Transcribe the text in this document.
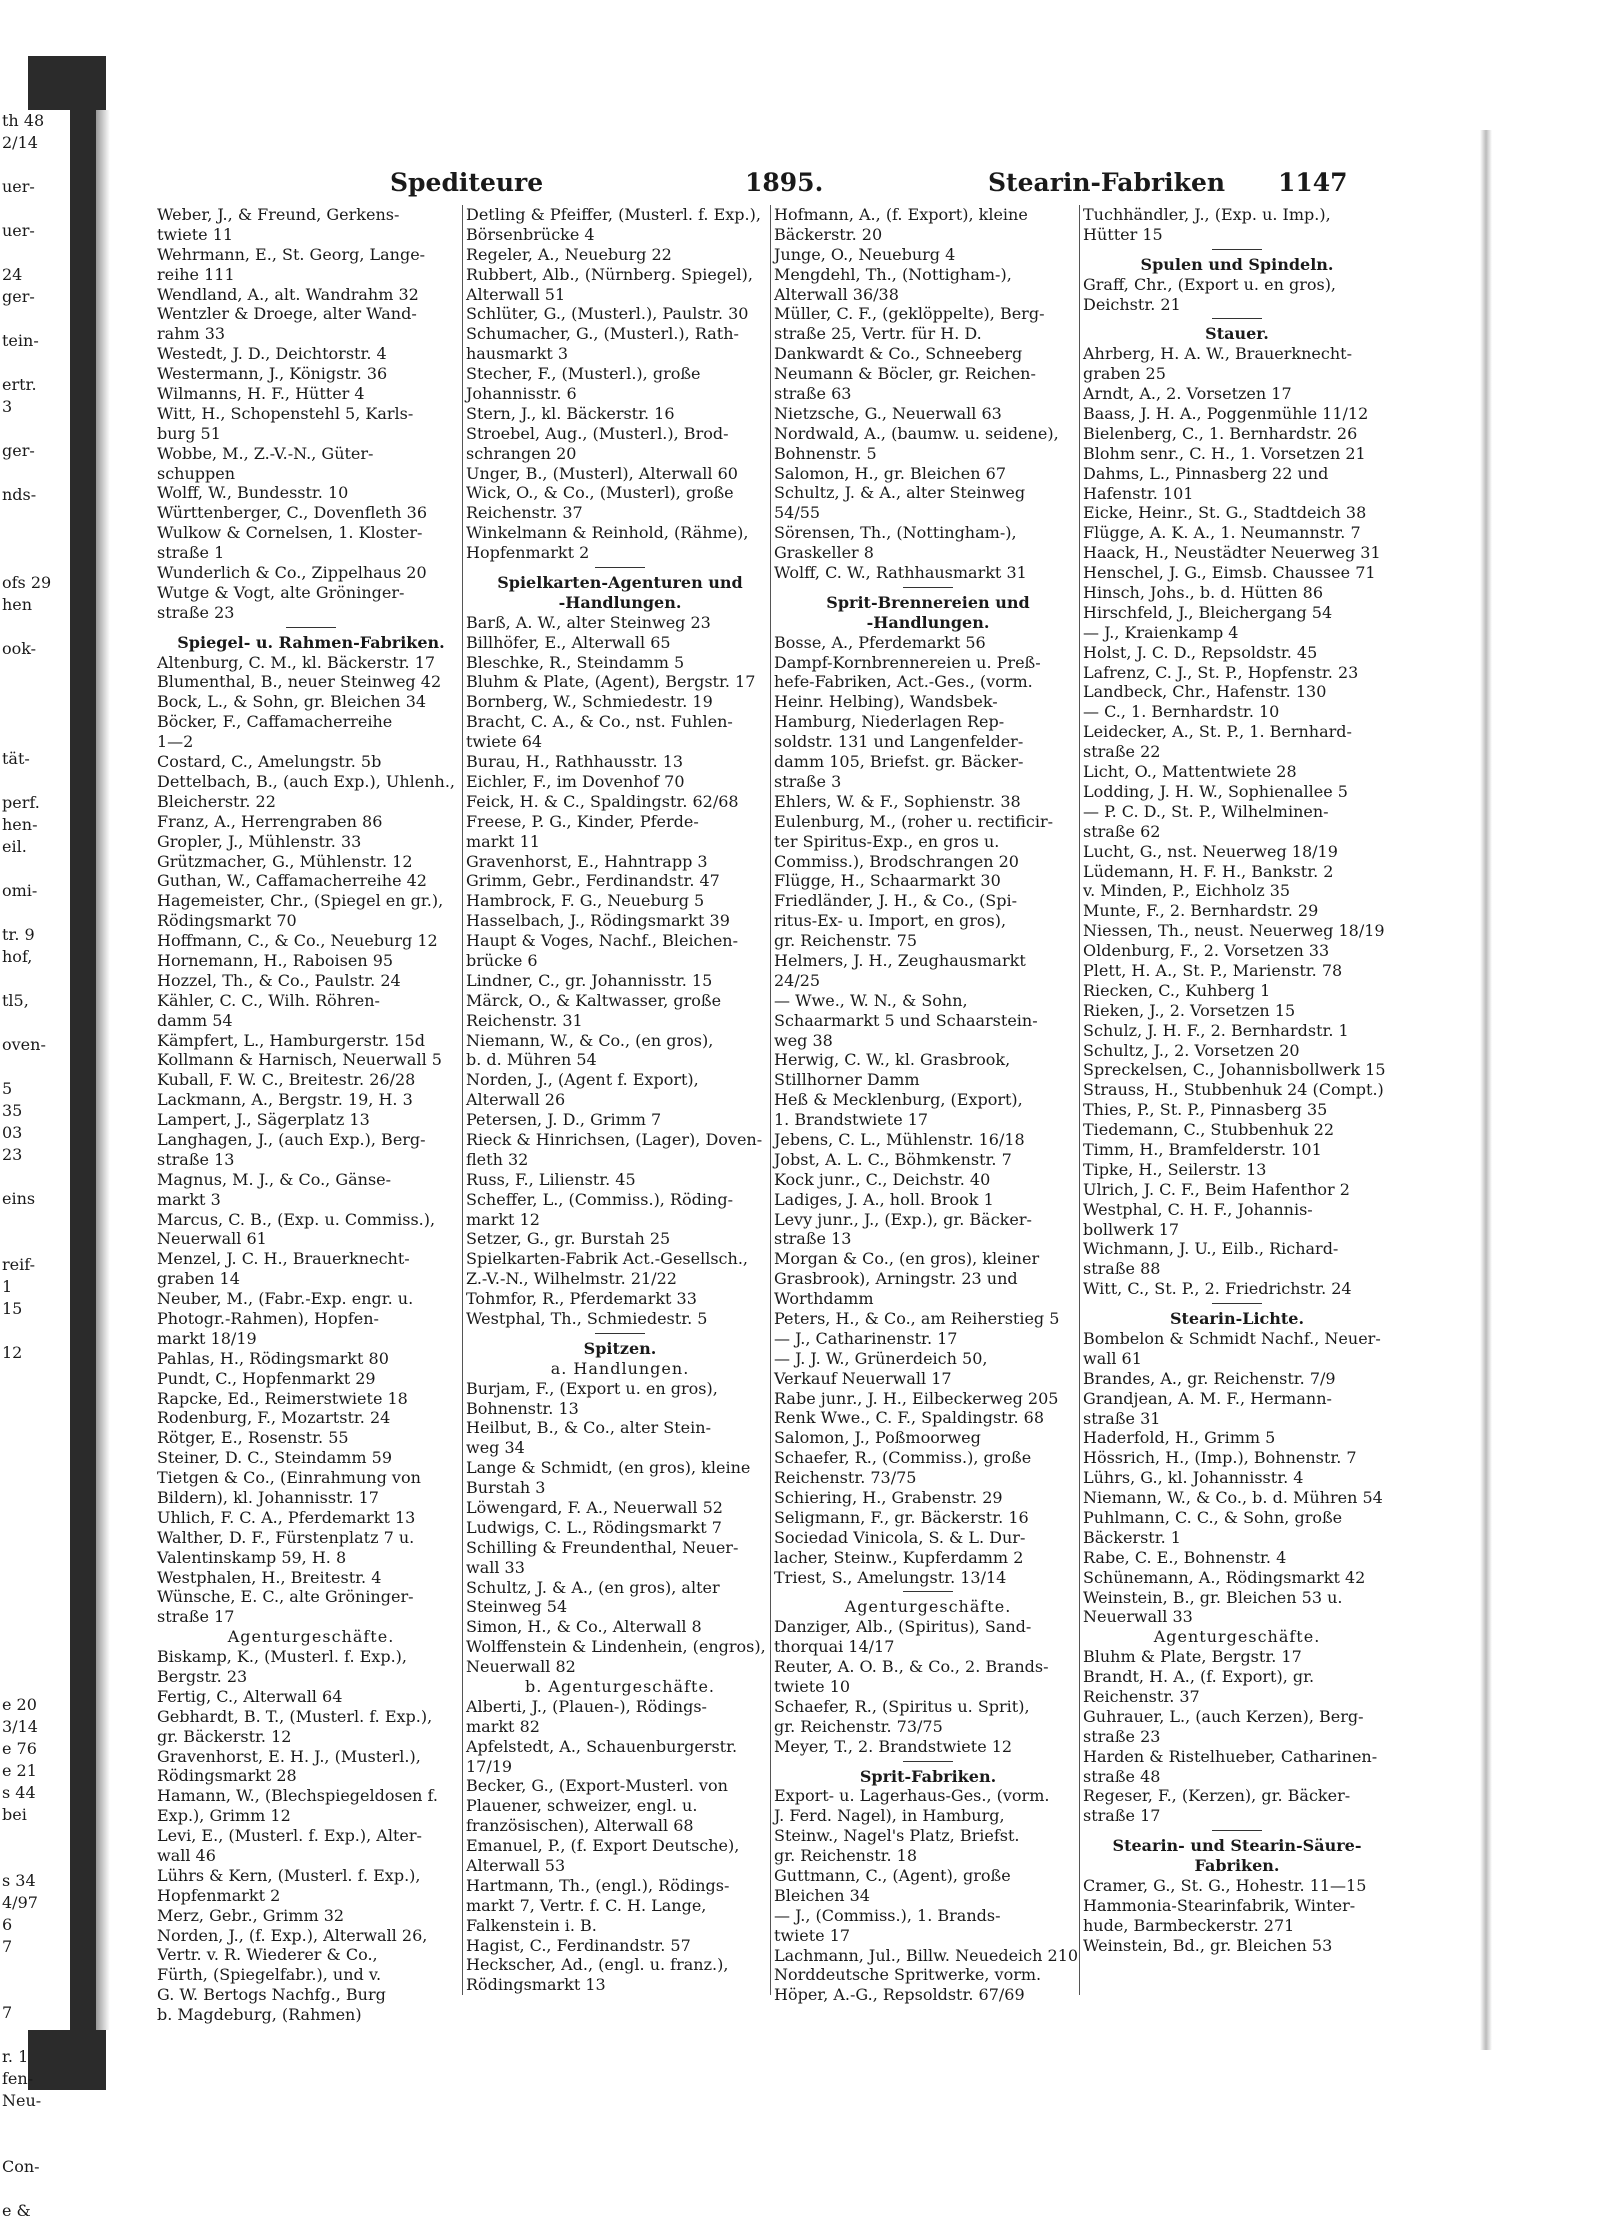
th 48
2/14
uer-
uer-
24
ger-
tein-
ertr.
3
ger-
nds-
ofs 29
hen
ook-
tät-
perf.
hen-
eil.
omi-
tr. 9
hof,
tl5,
oven-
5
35
03
23
eins
reif-
1
15
12
e 20
3/14
e 76
e 21
s 44
bei
s 34
4/97
6
7
7
r. 1
fen-
Neu-
Con-
e &
Spediteure	1895.	Stearin-Fabriken 1147
Weber, J., & Freund, Gerkens-
twiete 11
Wehrmann, E., St. Georg, Lange-
reihe 111
Wendland, A., alt. Wandrahm 32
Wentzler & Droege, alter Wand-
rahm 33
Westedt, J. D., Deichtorstr. 4
Westermann, J., Königstr. 36
Wilmanns, H. F., Hütter 4
Witt, H., Schopenstehl 5, Karls-
burg 51
Wobbe, M., Z.-V.-N., Güter-
schuppen
Wolff, W., Bundesstr. 10
Württenberger, C., Dovenfleth 36
Wulkow & Cornelsen, 1. Kloster-
straße 1
Wunderlich & Co., Zippelhaus 20
Wutge & Vogt, alte Gröninger-
straße 23
Spiegel- u. Rahmen-Fabriken.
Altenburg, C. M., kl. Bäckerstr. 17
Blumenthal, B., neuer Steinweg 42
Bock, L., & Sohn, gr. Bleichen 34
Böcker, F., Caffamacherreihe
1—2
Costard, C., Amelungstr. 5b
Dettelbach, B., (auch Exp.), Uhlenh.,
Bleicherstr. 22
Franz, A., Herrengraben 86
Gropler, J., Mühlenstr. 33
Grützmacher, G., Mühlenstr. 12
Guthan, W., Caffamacherreihe 42
Hagemeister, Chr., (Spiegel en gr.),
Rödingsmarkt 70
Hoffmann, C., & Co., Neueburg 12
Hornemann, H., Raboisen 95
Hozzel, Th., & Co., Paulstr. 24
Kähler, C. C., Wilh. Röhren-
damm 54
Kämpfert, L., Hamburgerstr. 15d
Kollmann & Harnisch, Neuerwall 5
Kuball, F. W. C., Breitestr. 26/28
Lackmann, A., Bergstr. 19, H. 3
Lampert, J., Sägerplatz 13
Langhagen, J., (auch Exp.), Berg-
straße 13
Magnus, M. J., & Co., Gänse-
markt 3
Marcus, C. B., (Exp. u. Commiss.),
Neuerwall 61
Menzel, J. C. H., Brauerknecht-
graben 14
Neuber, M., (Fabr.-Exp. engr. u.
Photogr.-Rahmen), Hopfen-
markt 18/19
Pahlas, H., Rödingsmarkt 80
Pundt, C., Hopfenmarkt 29
Rapcke, Ed., Reimerstwiete 18
Rodenburg, F., Mozartstr. 24
Rötger, E., Rosenstr. 55
Steiner, D. C., Steindamm 59
Tietgen & Co., (Einrahmung von
Bildern), kl. Johannisstr. 17
Uhlich, F. C. A., Pferdemarkt 13
Walther, D. F., Fürstenplatz 7 u.
Valentinskamp 59, H. 8
Westphalen, H., Breitestr. 4
Wünsche, E. C., alte Gröninger-
straße 17
Agenturgeschäfte.
Biskamp, K., (Musterl. f. Exp.),
Bergstr. 23
Fertig, C., Alterwall 64
Gebhardt, B. T., (Musterl. f. Exp.),
gr. Bäckerstr. 12
Gravenhorst, E. H. J., (Musterl.),
Rödingsmarkt 28
Hamann, W., (Blechspiegeldosen f.
Exp.), Grimm 12
Levi, E., (Musterl. f. Exp.), Alter-
wall 46
Lührs & Kern, (Musterl. f. Exp.),
Hopfenmarkt 2
Merz, Gebr., Grimm 32
Norden, J., (f. Exp.), Alterwall 26,
Vertr. v. R. Wiederer & Co.,
Fürth, (Spiegelfabr.), und v.
G. W. Bertogs Nachfg., Burg
b. Magdeburg, (Rahmen)
Detling & Pfeiffer, (Musterl. f. Exp.),
Börsenbrücke 4
Regeler, A., Neueburg 22
Rubbert, Alb., (Nürnberg. Spiegel),
Alterwall 51
Schlüter, G., (Musterl.), Paulstr. 30
Schumacher, G., (Musterl.), Rath-
hausmarkt 3
Stecher, F., (Musterl.), große
Johannisstr. 6
Stern, J., kl. Bäckerstr. 16
Stroebel, Aug., (Musterl.), Brod-
schrangen 20
Unger, B., (Musterl), Alterwall 60
Wick, O., & Co., (Musterl), große
Reichenstr. 37
Winkelmann & Reinhold, (Rähme),
Hopfenmarkt 2
Spielkarten-Agenturen und
-Handlungen.
Barß, A. W., alter Steinweg 23
Billhöfer, E., Alterwall 65
Bleschke, R., Steindamm 5
Bluhm & Plate, (Agent), Bergstr. 17
Bornberg, W., Schmiedestr. 19
Bracht, C. A., & Co., nst. Fuhlen-
twiete 64
Burau, H., Rathhausstr. 13
Eichler, F., im Dovenhof 70
Feick, H. & C., Spaldingstr. 62/68
Freese, P. G., Kinder, Pferde-
markt 11
Gravenhorst, E., Hahntrapp 3
Grimm, Gebr., Ferdinandstr. 47
Hambrock, F. G., Neueburg 5
Hasselbach, J., Rödingsmarkt 39
Haupt & Voges, Nachf., Bleichen-
brücke 6
Lindner, C., gr. Johannisstr. 15
Märck, O., & Kaltwasser, große
Reichenstr. 31
Niemann, W., & Co., (en gros),
b. d. Mühren 54
Norden, J., (Agent f. Export),
Alterwall 26
Petersen, J. D., Grimm 7
Rieck & Hinrichsen, (Lager), Doven-
fleth 32
Russ, F., Lilienstr. 45
Scheffer, L., (Commiss.), Röding-
markt 12
Setzer, G., gr. Burstah 25
Spielkarten-Fabrik Act.-Gesellsch.,
Z.-V.-N., Wilhelmstr. 21/22
Tohmfor, R., Pferdemarkt 33
Westphal, Th., Schmiedestr. 5
Spitzen.
a. Handlungen.
Burjam, F., (Export u. en gros),
Bohnenstr. 13
Heilbut, B., & Co., alter Stein-
weg 34
Lange & Schmidt, (en gros), kleine
Burstah 3
Löwengard, F. A., Neuerwall 52
Ludwigs, C. L., Rödingsmarkt 7
Schilling & Freundenthal, Neuer-
wall 33
Schultz, J. & A., (en gros), alter
Steinweg 54
Simon, H., & Co., Alterwall 8
Wolffenstein & Lindenhein, (engros),
Neuerwall 82
b. Agenturgeschäfte.
Alberti, J., (Plauen-), Rödings-
markt 82
Apfelstedt, A., Schauenburgerstr.
17/19
Becker, G., (Export-Musterl. von
Plauener, schweizer, engl. u.
französischen), Alterwall 68
Emanuel, P., (f. Export Deutsche),
Alterwall 53
Hartmann, Th., (engl.), Rödings-
markt 7, Vertr. f. C. H. Lange,
Falkenstein i. B.
Hagist, C., Ferdinandstr. 57
Heckscher, Ad., (engl. u. franz.),
Rödingsmarkt 13
Hofmann, A., (f. Export), kleine
Bäckerstr. 20
Junge, O., Neueburg 4
Mengdehl, Th., (Nottigham-),
Alterwall 36/38
Müller, C. F., (geklöppelte), Berg-
straße 25, Vertr. für H. D.
Dankwardt & Co., Schneeberg
Neumann & Böcler, gr. Reichen-
straße 63
Nietzsche, G., Neuerwall 63
Nordwald, A., (baumw. u. seidene),
Bohnenstr. 5
Salomon, H., gr. Bleichen 67
Schultz, J. & A., alter Steinweg
54/55
Sörensen, Th., (Nottingham-),
Graskeller 8
Wolff, C. W., Rathhausmarkt 31
Sprit-Brennereien und
-Handlungen.
Bosse, A., Pferdemarkt 56
Dampf-Kornbrennereien u. Preß-
hefe-Fabriken, Act.-Ges., (vorm.
Heinr. Helbing), Wandsbek-
Hamburg, Niederlagen Rep-
soldstr. 131 und Langenfelder-
damm 105, Briefst. gr. Bäcker-
straße 3
Ehlers, W. & F., Sophienstr. 38
Eulenburg, M., (roher u. rectificir-
ter Spiritus-Exp., en gros u.
Commiss.), Brodschrangen 20
Flügge, H., Schaarmarkt 30
Friedländer, J. H., & Co., (Spi-
ritus-Ex- u. Import, en gros),
gr. Reichenstr. 75
Helmers, J. H., Zeughausmarkt
24/25
— Wwe., W. N., & Sohn,
Schaarmarkt 5 und Schaarstein-
weg 38
Herwig, C. W., kl. Grasbrook,
Stillhorner Damm
Heß & Mecklenburg, (Export),
1. Brandstwiete 17
Jebens, C. L., Mühlenstr. 16/18
Jobst, A. L. C., Böhmkenstr. 7
Kock junr., C., Deichstr. 40
Ladiges, J. A., holl. Brook 1
Levy junr., J., (Exp.), gr. Bäcker-
straße 13
Morgan & Co., (en gros), kleiner
Grasbrook), Arningstr. 23 und
Worthdamm
Peters, H., & Co., am Reiherstieg 5
— J., Catharinenstr. 17
— J. J. W., Grünerdeich 50,
Verkauf Neuerwall 17
Rabe junr., J. H., Eilbeckerweg 205
Renk Wwe., C. F., Spaldingstr. 68
Salomon, J., Poßmoorweg
Schaefer, R., (Commiss.), große
Reichenstr. 73/75
Schiering, H., Grabenstr. 29
Seligmann, F., gr. Bäckerstr. 16
Sociedad Vinicola, S. & L. Dur-
lacher, Steinw., Kupferdamm 2
Triest, S., Amelungstr. 13/14
Agenturgeschäfte.
Danziger, Alb., (Spiritus), Sand-
thorquai 14/17
Reuter, A. O. B., & Co., 2. Brands-
twiete 10
Schaefer, R., (Spiritus u. Sprit),
gr. Reichenstr. 73/75
Meyer, T., 2. Brandstwiete 12
Sprit-Fabriken.
Export- u. Lagerhaus-Ges., (vorm.
J. Ferd. Nagel), in Hamburg,
Steinw., Nagel's Platz, Briefst.
gr. Reichenstr. 18
Guttmann, C., (Agent), große
Bleichen 34
— J., (Commiss.), 1. Brands-
twiete 17
Lachmann, Jul., Billw. Neuedeich 210
Norddeutsche Spritwerke, vorm.
Höper, A.-G., Repsoldstr. 67/69
Tuchhändler, J., (Exp. u. Imp.),
Hütter 15
Spulen und Spindeln.
Graff, Chr., (Export u. en gros),
Deichstr. 21
Stauer.
Ahrberg, H. A. W., Brauerknecht-
graben 25
Arndt, A., 2. Vorsetzen 17
Baass, J. H. A., Poggenmühle 11/12
Bielenberg, C., 1. Bernhardstr. 26
Blohm senr., C. H., 1. Vorsetzen 21
Dahms, L., Pinnasberg 22 und
Hafenstr. 101
Eicke, Heinr., St. G., Stadtdeich 38
Flügge, A. K. A., 1. Neumannstr. 7
Haack, H., Neustädter Neuerweg 31
Henschel, J. G., Eimsb. Chaussee 71
Hinsch, Johs., b. d. Hütten 86
Hirschfeld, J., Bleichergang 54
— J., Kraienkamp 4
Holst, J. C. D., Repsoldstr. 45
Lafrenz, C. J., St. P., Hopfenstr. 23
Landbeck, Chr., Hafenstr. 130
— C., 1. Bernhardstr. 10
Leidecker, A., St. P., 1. Bernhard-
straße 22
Licht, O., Mattentwiete 28
Lodding, J. H. W., Sophienallee 5
— P. C. D., St. P., Wilhelminen-
straße 62
Lucht, G., nst. Neuerweg 18/19
Lüdemann, H. F. H., Bankstr. 2
v. Minden, P., Eichholz 35
Munte, F., 2. Bernhardstr. 29
Niessen, Th., neust. Neuerweg 18/19
Oldenburg, F., 2. Vorsetzen 33
Plett, H. A., St. P., Marienstr. 78
Riecken, C., Kuhberg 1
Rieken, J., 2. Vorsetzen 15
Schulz, J. H. F., 2. Bernhardstr. 1
Schultz, J., 2. Vorsetzen 20
Spreckelsen, C., Johannisbollwerk 15
Strauss, H., Stubbenhuk 24 (Compt.)
Thies, P., St. P., Pinnasberg 35
Tiedemann, C., Stubbenhuk 22
Timm, H., Bramfelderstr. 101
Tipke, H., Seilerstr. 13
Ulrich, J. C. F., Beim Hafenthor 2
Westphal, C. H. F., Johannis-
bollwerk 17
Wichmann, J. U., Eilb., Richard-
straße 88
Witt, C., St. P., 2. Friedrichstr. 24
Stearin-Lichte.
Bombelon & Schmidt Nachf., Neuer-
wall 61
Brandes, A., gr. Reichenstr. 7/9
Grandjean, A. M. F., Hermann-
straße 31
Haderfold, H., Grimm 5
Hössrich, H., (Imp.), Bohnenstr. 7
Lührs, G., kl. Johannisstr. 4
Niemann, W., & Co., b. d. Mühren 54
Puhlmann, C. C., & Sohn, große
Bäckerstr. 1
Rabe, C. E., Bohnenstr. 4
Schünemann, A., Rödingsmarkt 42
Weinstein, B., gr. Bleichen 53 u.
Neuerwall 33
Agenturgeschäfte.
Bluhm & Plate, Bergstr. 17
Brandt, H. A., (f. Export), gr.
Reichenstr. 37
Guhrauer, L., (auch Kerzen), Berg-
straße 23
Harden & Ristelhueber, Catharinen-
straße 48
Regeser, F., (Kerzen), gr. Bäcker-
straße 17
Stearin- und Stearin-Säure-
Fabriken.
Cramer, G., St. G., Hohestr. 11—15
Hammonia-Stearinfabrik, Winter-
hude, Barmbeckerstr. 271
Weinstein, Bd., gr. Bleichen 53
